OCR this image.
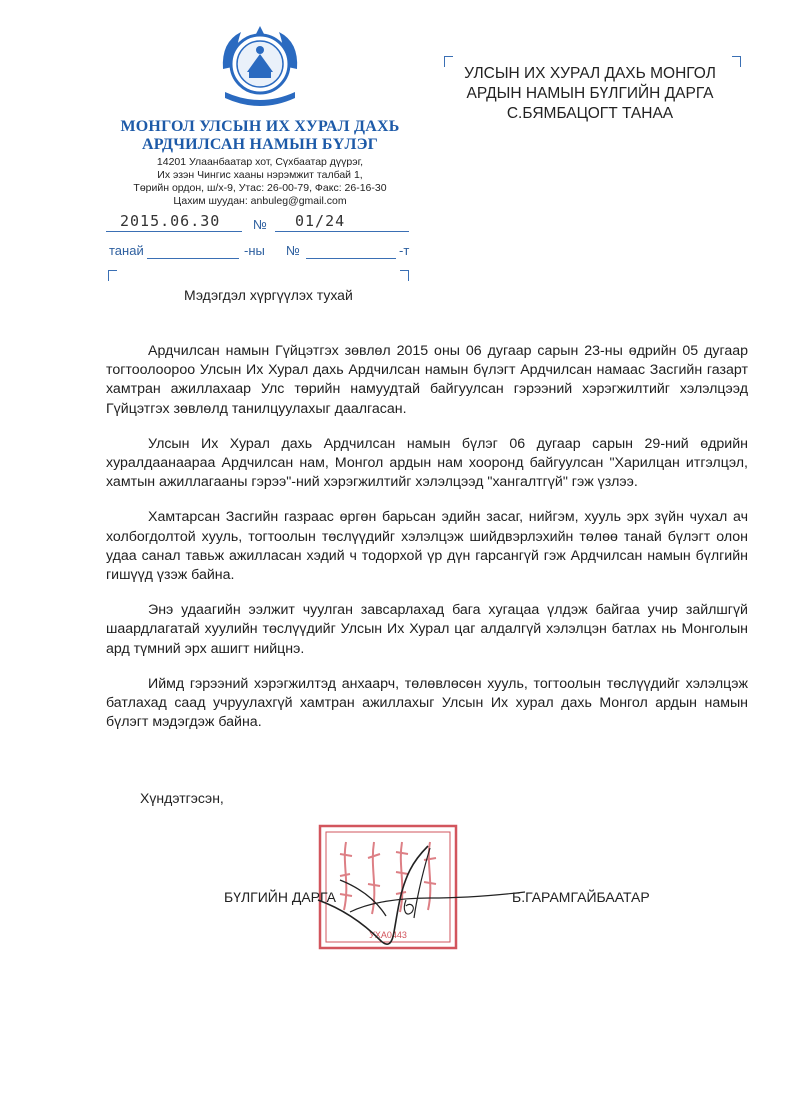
МОНГОЛ УЛСЫН ИХ ХУРАЛ ДАХЬ
АРДЧИЛСАН НАМЫН БҮЛЭГ
14201 Улаанбаатар хот, Сүхбаатар дүүрэг,
Их эзэн Чингис хааны нэрэмжит талбай 1,
Төрийн ордон, ш/х-9, Утас: 26-00-79, Факс: 26-16-30
Цахим шуудан: anbuleg@gmail.com
2015.06.30	№ 01/24
танай	-ны №	-т
УЛСЫН ИХ ХУРАЛ ДАХЬ МОНГОЛ
АРДЫН НАМЫН БҮЛГИЙН ДАРГА
С.БЯМБАЦОГТ ТАНАА
Мэдэгдэл хүргүүлэх тухай

Ардчилсан намын Гүйцэтгэх зөвлөл 2015 оны 06 дугаар сарын 23-ны өдрийн 05 дугаар тогтоолоороо Улсын Их Хурал дахь Ардчилсан намын бүлэгт Ардчилсан намаас Засгийн газарт хамтран ажиллахаар Улс төрийн намуудтай байгуулсан гэрээний хэрэгжилтийг хэлэлцээд Гүйцэтгэх зөвлөлд танилцуулахыг даалгасан.

Улсын Их Хурал дахь Ардчилсан намын бүлэг 06 дугаар сарын 29-ний өдрийн хуралдаанаараа Ардчилсан нам, Монгол ардын нам хооронд байгуулсан "Харилцан итгэлцэл, хамтын ажиллагааны гэрээ"-ний хэрэгжилтийг хэлэлцээд "хангалтгүй" гэж үзлээ.

Хамтарсан Засгийн газраас өргөн барьсан эдийн засаг, нийгэм, хууль эрх зүйн чухал ач холбогдолтой хууль, тогтоолын төслүүдийг хэлэлцэж шийдвэрлэхийн төлөө танай бүлэгт олон удаа санал тавьж ажилласан хэдий ч тодорхой үр дүн гарсангүй гэж Ардчилсан намын бүлгийн гишүүд үзэж байна.

Энэ удаагийн ээлжит чуулган завсарлахад бага хугацаа үлдэж байгаа учир зайлшгүй шаардлагатай хуулийн төслүүдийг Улсын Их Хурал цаг алдалгүй хэлэлцэн батлах нь Монголын ард түмний эрх ашигт нийцнэ.

Иймд гэрээний хэрэгжилтэд анхаарч, төлөвлөсөн хууль, тогтоолын төслүүдийг хэлэлцэж батлахад саад учруулахгүй хамтран ажиллахыг Улсын Их хурал дахь Монгол ардын намын бүлэгт мэдэгдэж байна.

Хүндэтгэсэн,
УХА0443
БҮЛГИЙН ДАРГА	Б.ГАРАМГАЙБААТАР
